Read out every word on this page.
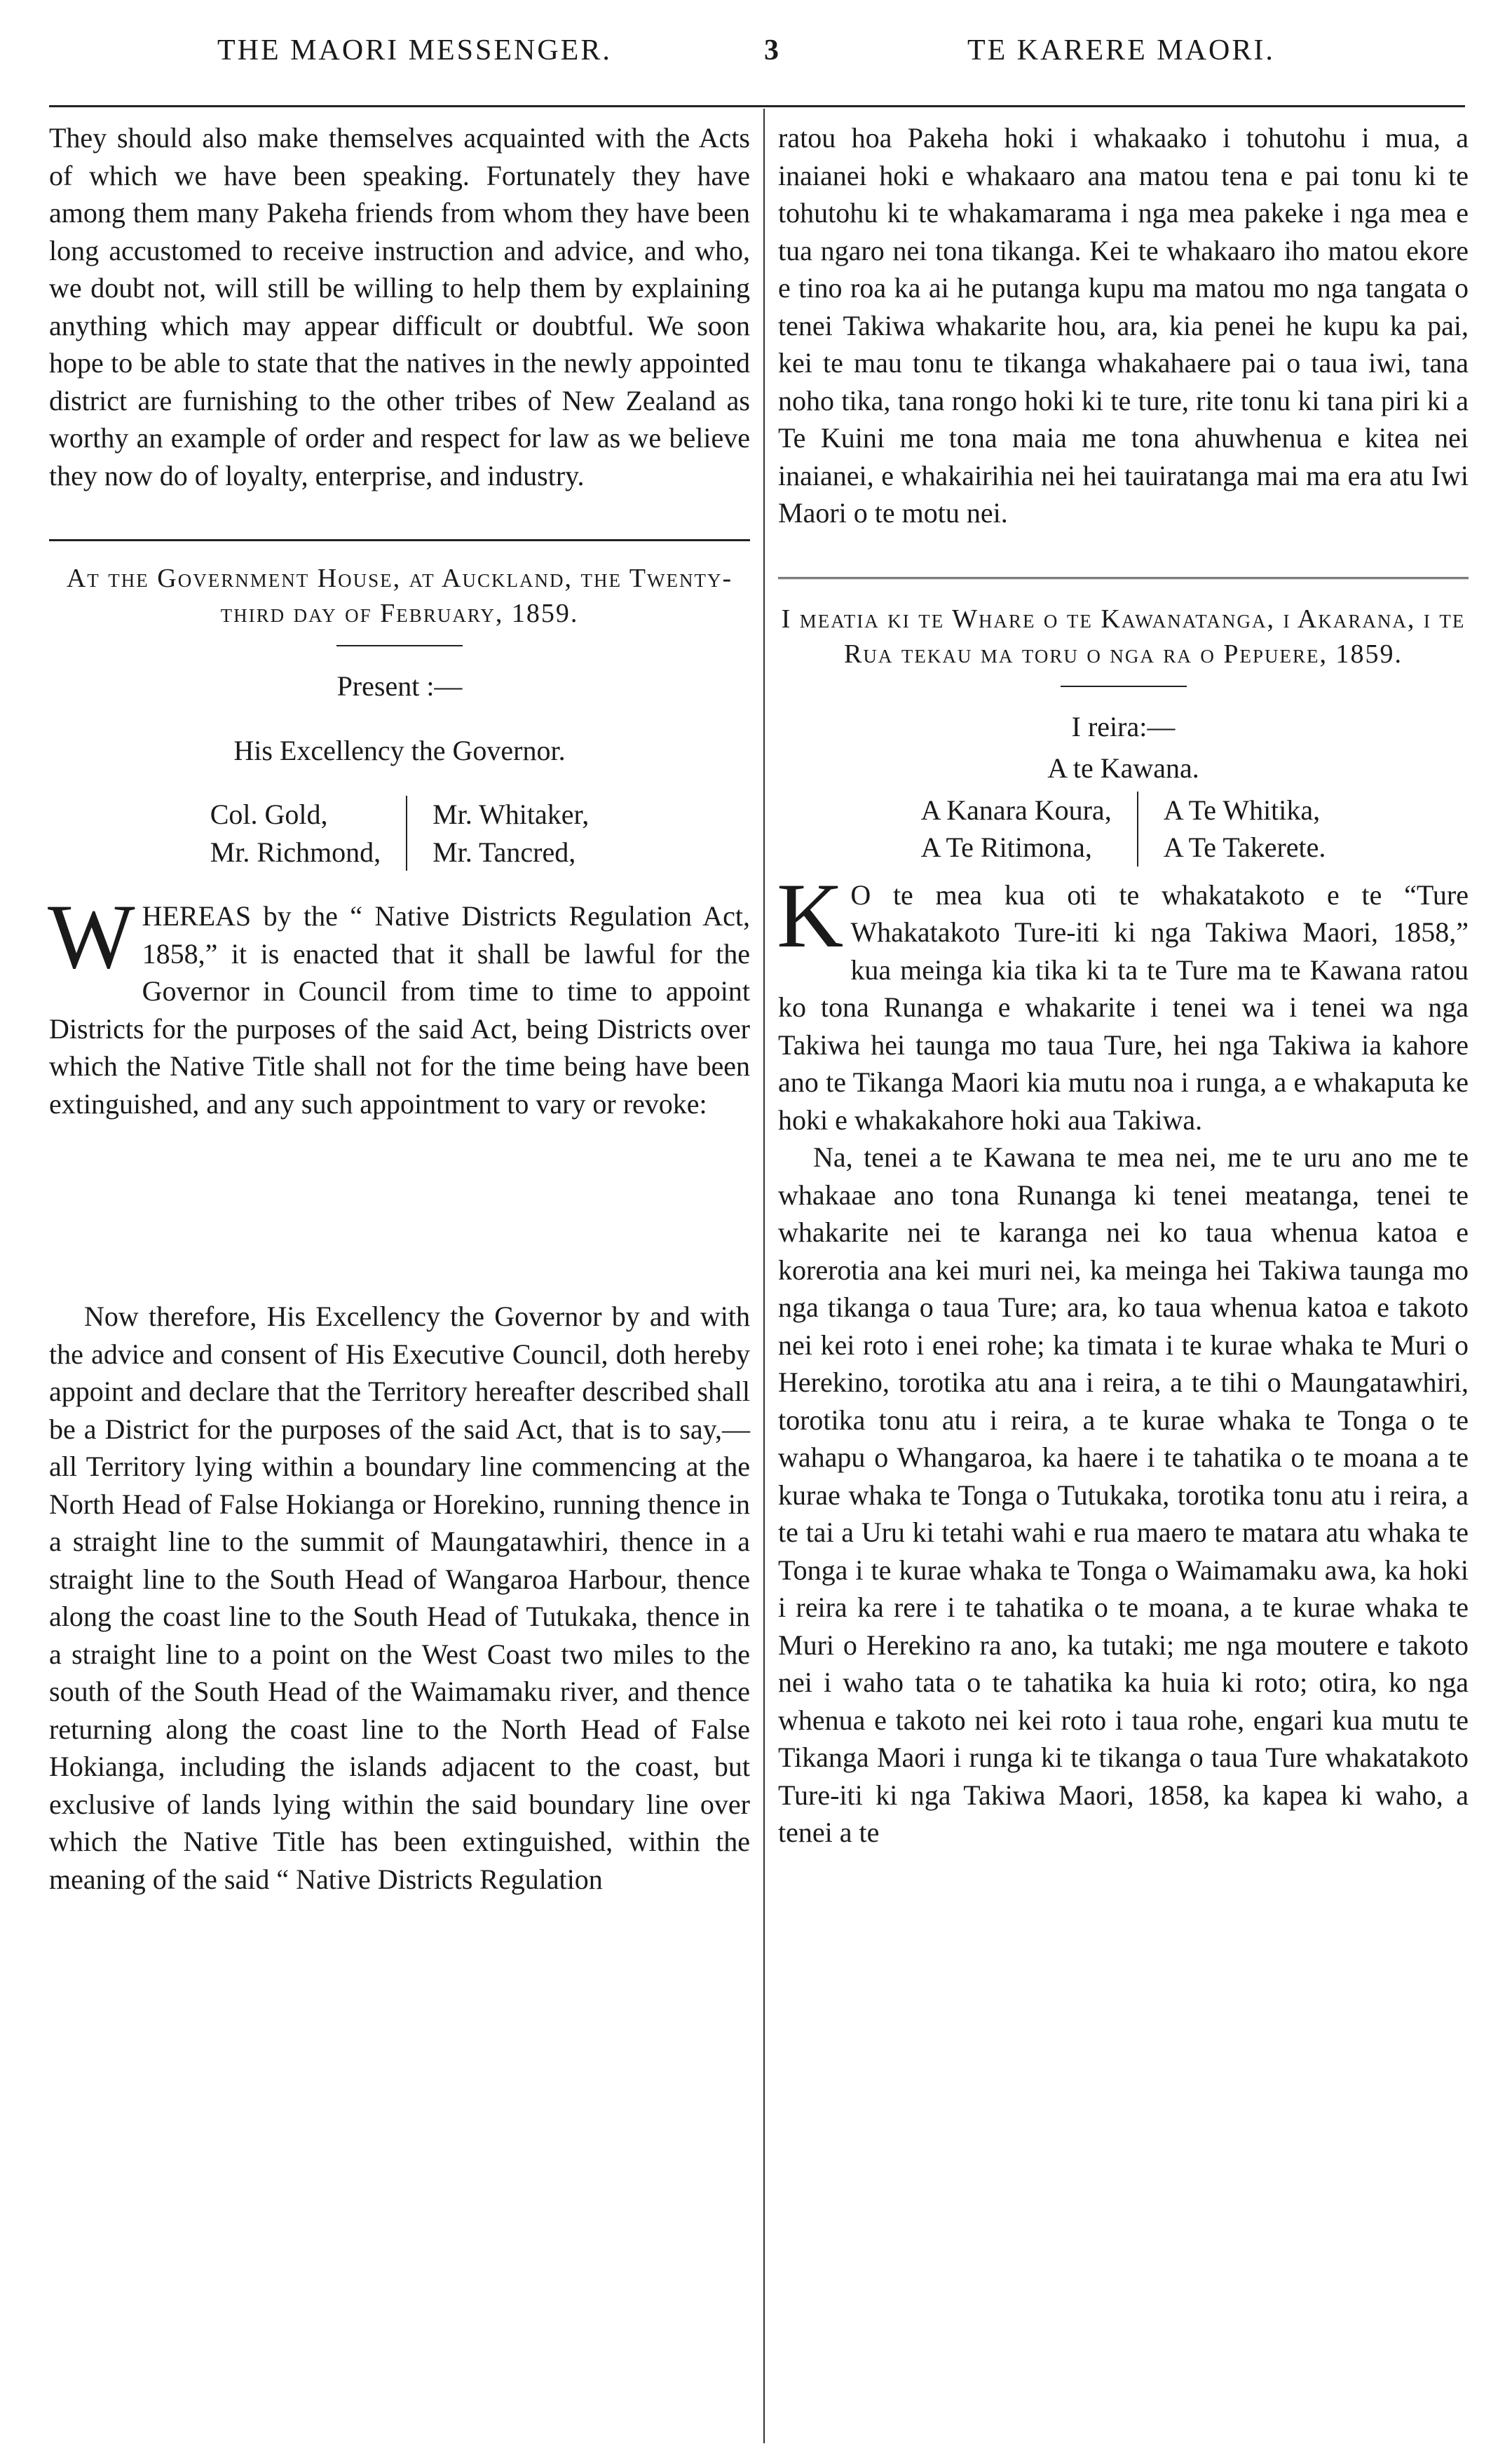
THE MAORI MESSENGER.	3	TE KARERE MAORI.

They should also make themselves acquainted with the Acts of which we have been speaking. Fortunately they have among them many Pakeha friends from whom they have been long accustomed to receive instruction and advice, and who, we doubt not, will still be willing to help them by explaining anything which may appear difficult or doubtful. We soon hope to be able to state that the natives in the newly appointed district are furnishing to the other tribes of New Zealand as worthy an example of order and respect for law as we believe they now do of loyalty, enterprise, and industry.

At the Government House, at Auckland, the Twenty-third day of February, 1859.
Present :—
His Excellency the Governor.
Col. Gold,
Mr. Richmond,
Mr. Whitaker,
Mr. Tancred,

WHEREAS by the “ Native Districts Regulation Act, 1858,” it is enacted that it shall be lawful for the Governor in Council from time to time to appoint Districts for the purposes of the said Act, being Districts over which the Native Title shall not for the time being have been extinguished, and any such appointment to vary or revoke:

Now therefore, His Excellency the Governor by and with the advice and consent of His Executive Council, doth hereby appoint and declare that the Territory hereafter described shall be a District for the purposes of the said Act, that is to say,—all Territory lying within a boundary line commencing at the North Head of False Hokianga or Horekino, running thence in a straight line to the summit of Maungatawhiri, thence in a straight line to the South Head of Wangaroa Harbour, thence along the coast line to the South Head of Tutukaka, thence in a straight line to a point on the West Coast two miles to the south of the South Head of the Waimamaku river, and thence returning along the coast line to the North Head of False Hokianga, including the islands adjacent to the coast, but exclusive of lands lying within the said boundary line over which the Native Title has been extinguished, within the meaning of the said “ Native Districts Regulation

ratou hoa Pakeha hoki i whakaako i tohutohu i mua, a inaianei hoki e whakaaro ana matou tena e pai tonu ki te tohutohu ki te whakamarama i nga mea pakeke i nga mea e tua ngaro nei tona tikanga. Kei te whakaaro iho matou ekore e tino roa ka ai he putanga kupu ma matou mo nga tangata o tenei Takiwa whakarite hou, ara, kia penei he kupu ka pai, kei te mau tonu te tikanga whakahaere pai o taua iwi, tana noho tika, tana rongo hoki ki te ture, rite tonu ki tana piri ki a Te Kuini me tona maia me tona ahuwhenua e kitea nei inaianei, e whakairihia nei hei tauiratanga mai ma era atu Iwi Maori o te motu nei.

I meatia ki te Whare o te Kawanatanga, i Akarana, i te Rua tekau ma toru o nga ra o Pepuere, 1859.
I reira:—
A te Kawana.
A Kanara Koura,
A Te Ritimona,
A Te Whitika,
A Te Takerete.

K O te mea kua oti te whakatakoto e te “Ture Whakatakoto Ture-iti ki nga Takiwa Maori, 1858,” kua meinga kia tika ki ta te Ture ma te Kawana ratou ko tona Runanga e whakarite i tenei wa i tenei wa nga Takiwa hei taunga mo taua Ture, hei nga Takiwa ia kahore ano te Tikanga Maori kia mutu noa i runga, a e whakaputa ke hoki e whakakahore hoki aua Takiwa.

Na, tenei a te Kawana te mea nei, me te uru ano me te whakaae ano tona Runanga ki tenei meatanga, tenei te whakarite nei te karanga nei ko taua whenua katoa e korerotia ana kei muri nei, ka meinga hei Takiwa taunga mo nga tikanga o taua Ture; ara, ko taua whenua katoa e takoto nei kei roto i enei rohe; ka timata i te kurae whaka te Muri o Herekino, torotika atu ana i reira, a te tihi o Maungatawhiri, torotika tonu atu i reira, a te kurae whaka te Tonga o te wahapu o Whangaroa, ka haere i te tahatika o te moana a te kurae whaka te Tonga o Tutukaka, torotika tonu atu i reira, a te tai a Uru ki tetahi wahi e rua maero te matara atu whaka te Tonga i te kurae whaka te Tonga o Waimamaku awa, ka hoki i reira ka rere i te tahatika o te moana, a te kurae whaka te Muri o Herekino ra ano, ka tutaki; me nga moutere e takoto nei i waho tata o te tahatika ka huia ki roto; otira, ko nga whenua e takoto nei kei roto i taua rohe, engari kua mutu te Tikanga Maori i runga ki te tikanga o taua Ture whakatakoto Ture-iti ki nga Takiwa Maori, 1858, ka kapea ki waho, a tenei a te
